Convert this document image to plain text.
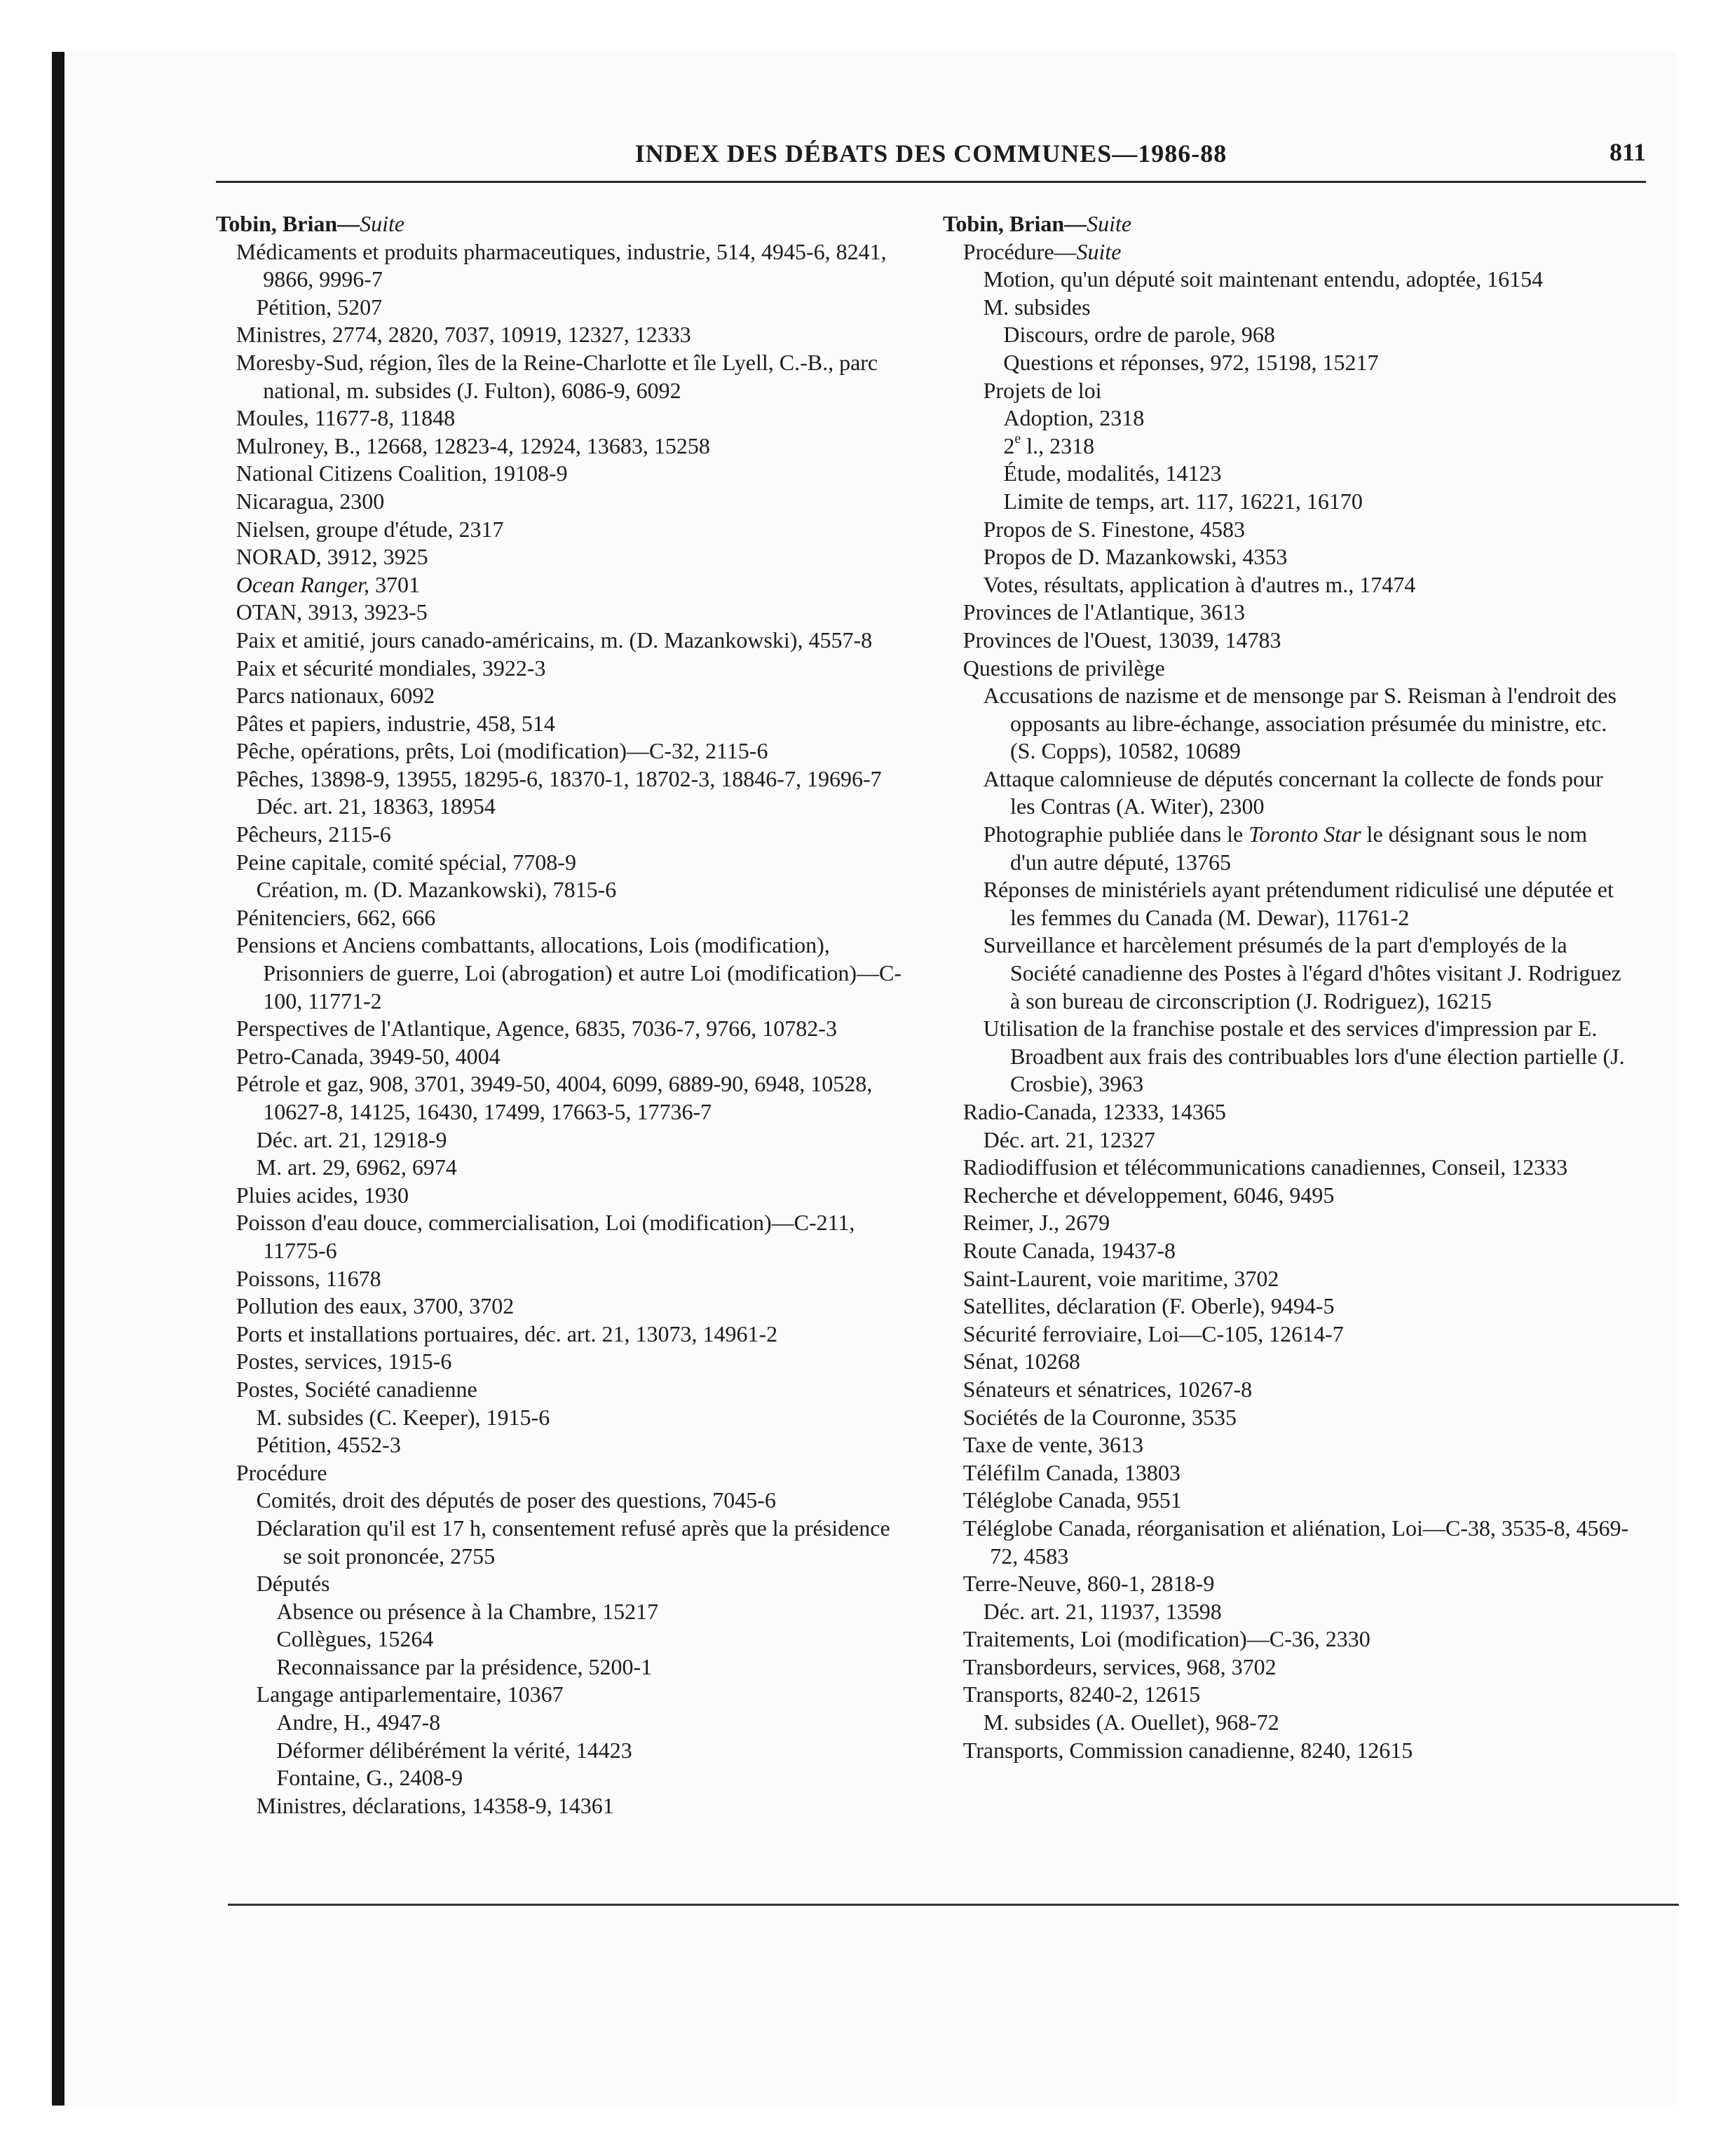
INDEX DES DÉBATS DES COMMUNES—1986-88	811

Tobin, Brian—Suite

Médicaments et produits pharmaceutiques, industrie, 514, 4945-6, 8241, 9866, 9996-7

Pétition, 5207

Ministres, 2774, 2820, 7037, 10919, 12327, 12333

Moresby-Sud, région, îles de la Reine-Charlotte et île Lyell, C.-B., parc national, m. subsides (J. Fulton), 6086-9, 6092

Moules, 11677-8, 11848

Mulroney, B., 12668, 12823-4, 12924, 13683, 15258

National Citizens Coalition, 19108-9

Nicaragua, 2300

Nielsen, groupe d'étude, 2317

NORAD, 3912, 3925

Ocean Ranger, 3701

OTAN, 3913, 3923-5

Paix et amitié, jours canado-américains, m. (D. Mazankowski), 4557-8

Paix et sécurité mondiales, 3922-3

Parcs nationaux, 6092

Pâtes et papiers, industrie, 458, 514

Pêche, opérations, prêts, Loi (modification)—C-32, 2115-6

Pêches, 13898-9, 13955, 18295-6, 18370-1, 18702-3, 18846-7, 19696-7

Déc. art. 21, 18363, 18954

Pêcheurs, 2115-6

Peine capitale, comité spécial, 7708-9

Création, m. (D. Mazankowski), 7815-6

Pénitenciers, 662, 666

Pensions et Anciens combattants, allocations, Lois (modification), Prisonniers de guerre, Loi (abrogation) et autre Loi (modification)—C-100, 11771-2

Perspectives de l'Atlantique, Agence, 6835, 7036-7, 9766, 10782-3

Petro-Canada, 3949-50, 4004

Pétrole et gaz, 908, 3701, 3949-50, 4004, 6099, 6889-90, 6948, 10528, 10627-8, 14125, 16430, 17499, 17663-5, 17736-7

Déc. art. 21, 12918-9

M. art. 29, 6962, 6974

Pluies acides, 1930

Poisson d'eau douce, commercialisation, Loi (modification)—C-211, 11775-6

Poissons, 11678

Pollution des eaux, 3700, 3702

Ports et installations portuaires, déc. art. 21, 13073, 14961-2

Postes, services, 1915-6

Postes, Société canadienne

M. subsides (C. Keeper), 1915-6

Pétition, 4552-3

Procédure

Comités, droit des députés de poser des questions, 7045-6

Déclaration qu'il est 17 h, consentement refusé après que la présidence se soit prononcée, 2755

Députés

Absence ou présence à la Chambre, 15217

Collègues, 15264

Reconnaissance par la présidence, 5200-1

Langage antiparlementaire, 10367

Andre, H., 4947-8

Déformer délibérément la vérité, 14423

Fontaine, G., 2408-9

Ministres, déclarations, 14358-9, 14361

Tobin, Brian—Suite

Procédure—Suite

Motion, qu'un député soit maintenant entendu, adoptée, 16154

M. subsides

Discours, ordre de parole, 968

Questions et réponses, 972, 15198, 15217

Projets de loi

Adoption, 2318

2e l., 2318

Étude, modalités, 14123

Limite de temps, art. 117, 16221, 16170

Propos de S. Finestone, 4583

Propos de D. Mazankowski, 4353

Votes, résultats, application à d'autres m., 17474

Provinces de l'Atlantique, 3613

Provinces de l'Ouest, 13039, 14783

Questions de privilège

Accusations de nazisme et de mensonge par S. Reisman à l'endroit des opposants au libre-échange, association présumée du ministre, etc. (S. Copps), 10582, 10689

Attaque calomnieuse de députés concernant la collecte de fonds pour les Contras (A. Witer), 2300

Photographie publiée dans le Toronto Star le désignant sous le nom d'un autre député, 13765

Réponses de ministériels ayant prétendument ridiculisé une députée et les femmes du Canada (M. Dewar), 11761-2

Surveillance et harcèlement présumés de la part d'employés de la Société canadienne des Postes à l'égard d'hôtes visitant J. Rodriguez à son bureau de circonscription (J. Rodriguez), 16215

Utilisation de la franchise postale et des services d'impression par E. Broadbent aux frais des contribuables lors d'une élection partielle (J. Crosbie), 3963

Radio-Canada, 12333, 14365

Déc. art. 21, 12327

Radiodiffusion et télécommunications canadiennes, Conseil, 12333

Recherche et développement, 6046, 9495

Reimer, J., 2679

Route Canada, 19437-8

Saint-Laurent, voie maritime, 3702

Satellites, déclaration (F. Oberle), 9494-5

Sécurité ferroviaire, Loi—C-105, 12614-7

Sénat, 10268

Sénateurs et sénatrices, 10267-8

Sociétés de la Couronne, 3535

Taxe de vente, 3613

Téléfilm Canada, 13803

Téléglobe Canada, 9551

Téléglobe Canada, réorganisation et aliénation, Loi—C-38, 3535-8, 4569-72, 4583

Terre-Neuve, 860-1, 2818-9

Déc. art. 21, 11937, 13598

Traitements, Loi (modification)—C-36, 2330

Transbordeurs, services, 968, 3702

Transports, 8240-2, 12615

M. subsides (A. Ouellet), 968-72

Transports, Commission canadienne, 8240, 12615
